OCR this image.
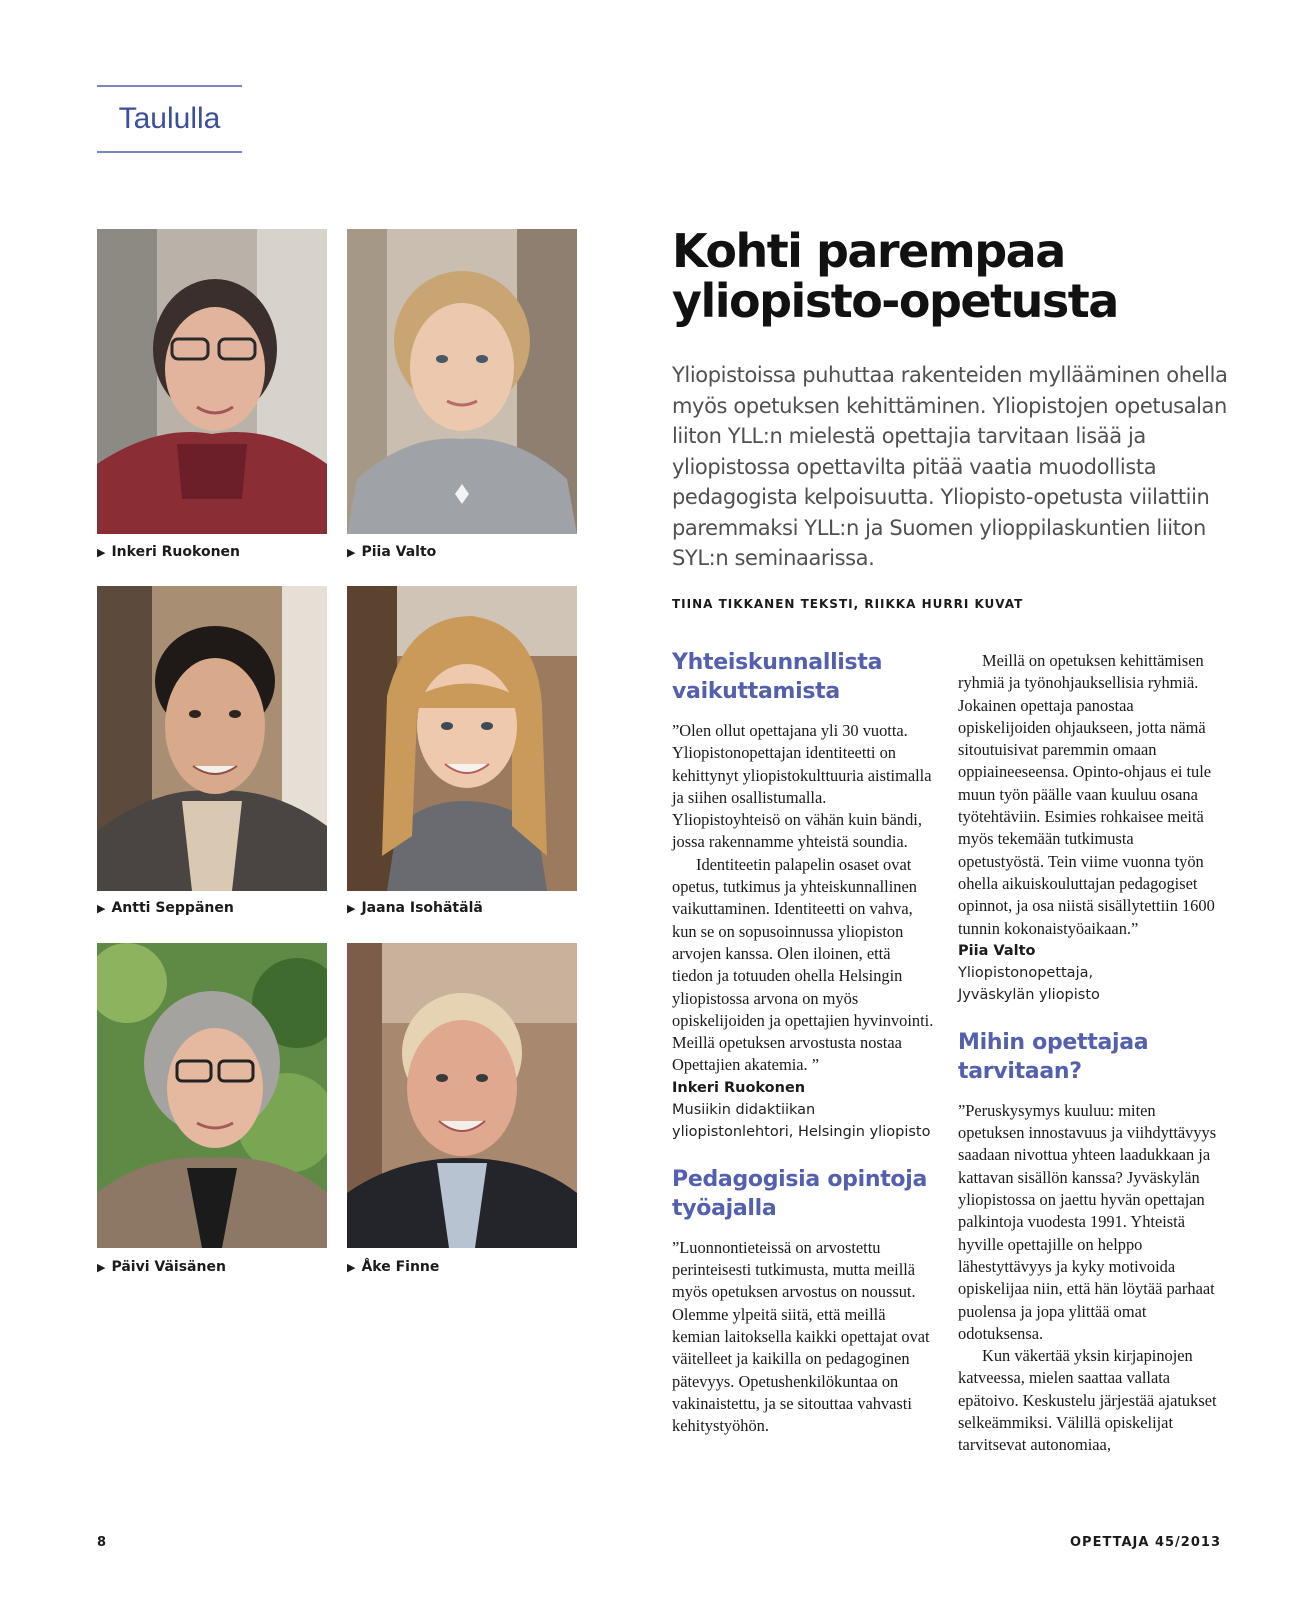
Taululla
▶ Inkeri Ruokonen	▶ Piia Valto
▶ Antti Seppänen	▶ Jaana Isohätälä
▶ Päivi Väisänen	▶ Åke Finne
Kohti parempaa yliopisto-opetusta
Yliopistoissa puhuttaa rakenteiden myllääminen ohella myös opetuksen kehittäminen. Yliopistojen opetusalan liiton YLL:n mielestä opettajia tarvitaan lisää ja yliopistossa opettavilta pitää vaatia muodollista pedagogista kelpoisuutta. Yliopisto-opetusta viilattiin paremmaksi YLL:n ja Suomen ylioppilaskuntien liiton SYL:n seminaarissa.
TIINA TIKKANEN TEKSTI, RIIKKA HURRI KUVAT
Yhteiskunnallista vaikuttamista

”Olen ollut opettajana yli 30 vuotta. Yliopistonopettajan identiteetti on kehittynyt yliopistokulttuuria aistimalla ja siihen osallistumalla. Yliopistoyhteisö on vähän kuin bändi, jossa rakennamme yhteistä soundia.

Identiteetin palapelin osaset ovat opetus, tutkimus ja yhteiskunnallinen vaikuttaminen. Identiteetti on vahva, kun se on sopusoinnussa yliopiston arvojen kanssa. Olen iloinen, että tiedon ja totuuden ohella Helsingin yliopistossa arvona on myös opiskelijoiden ja opettajien hyvinvointi. Meillä opetuksen arvostusta nostaa Opettajien akatemia. ”

Inkeri Ruokonen
Musiikin didaktiikan yliopistonlehtori, Helsingin yliopisto
Pedagogisia opintoja työajalla

”Luonnontieteissä on arvostettu perinteisesti tutkimusta, mutta meillä myös opetuksen arvostus on noussut. Olemme ylpeitä siitä, että meillä kemian laitoksella kaikki opettajat ovat väitelleet ja kaikilla on pedagoginen pätevyys. Opetushenkilökuntaa on vakinaistettu, ja se sitouttaa vahvasti kehitystyöhön.

Meillä on opetuksen kehittämisen ryhmiä ja työnohjauksellisia ryhmiä. Jokainen opettaja panostaa opiskelijoiden ohjaukseen, jotta nämä sitoutuisivat paremmin omaan oppiaineeseensa. Opinto-ohjaus ei tule muun työn päälle vaan kuuluu osana työtehtäviin. Esimies rohkaisee meitä myös tekemään tutkimusta opetustyöstä. Tein viime vuonna työn ohella aikuiskouluttajan pedagogiset opinnot, ja osa niistä sisällytettiin 1600 tunnin kokonaistyöaikaan.”

Piia Valto
Yliopistonopettaja,
Jyväskylän yliopisto
Mihin opettajaa tarvitaan?

”Peruskysymys kuuluu: miten opetuksen innostavuus ja viihdyttävyys saadaan nivottua yhteen laadukkaan ja kattavan sisällön kanssa? Jyväskylän yliopistossa on jaettu hyvän opettajan palkintoja vuodesta 1991. Yhteistä hyville opettajille on helppo lähestyttävyys ja kyky motivoida opiskelijaa niin, että hän löytää parhaat puolensa ja jopa ylittää omat odotuksensa.

Kun väkertää yksin kirjapinojen katveessa, mielen saattaa vallata epätoivo. Keskustelu järjestää ajatukset selkeämmiksi. Välillä opiskelijat tarvitsevat autonomiaa,

8	OPETTAJA 45/2013
